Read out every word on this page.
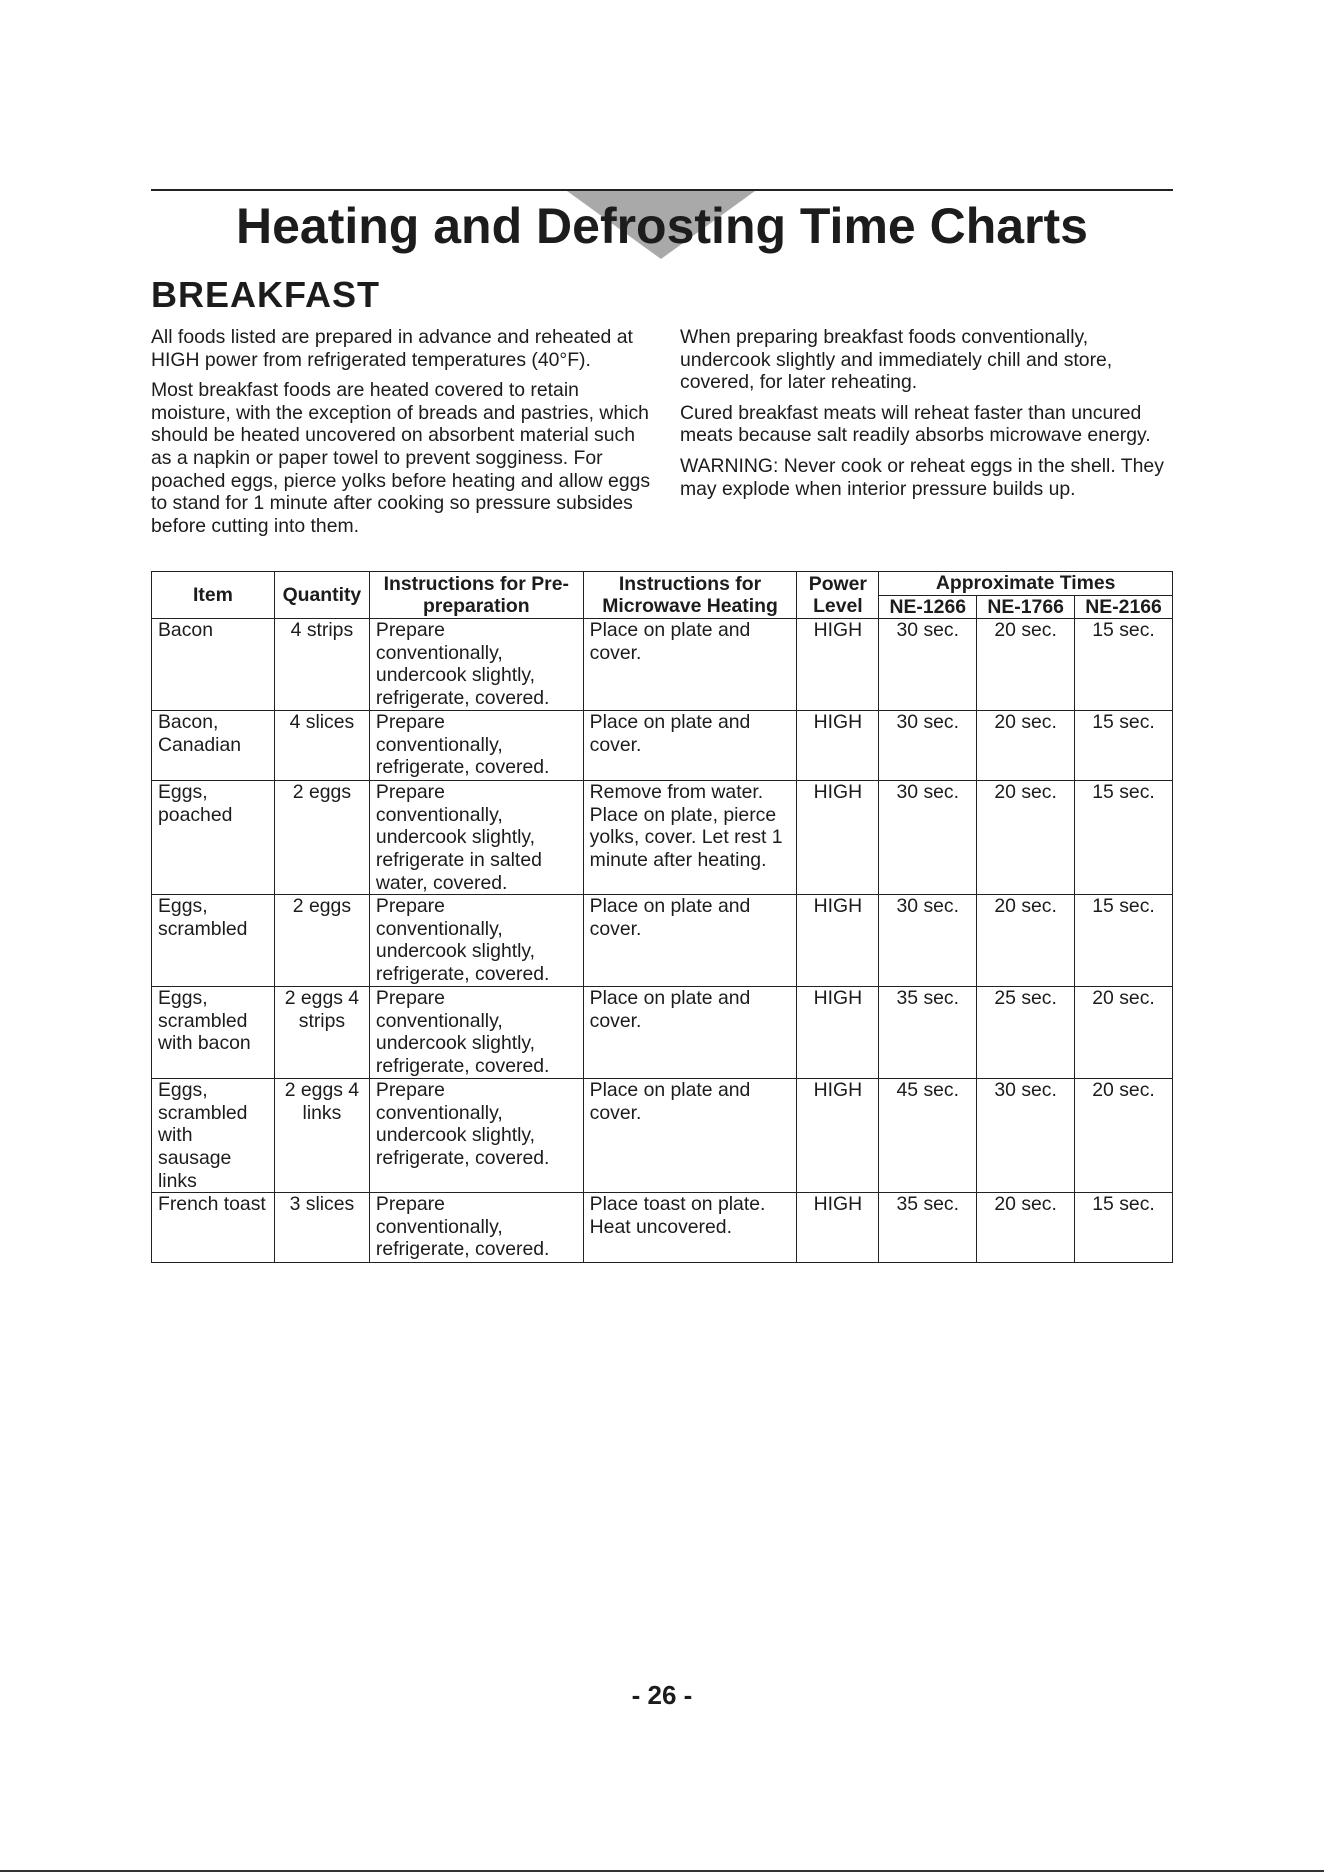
Heating and Defrosting Time Charts
BREAKFAST

All foods listed are prepared in advance and reheated at HIGH power from refrigerated temperatures (40°F).

Most breakfast foods are heated covered to retain moisture, with the exception of breads and pastries, which should be heated uncovered on absorbent material such as a napkin or paper towel to prevent sogginess. For poached eggs, pierce yolks before heating and allow eggs to stand for 1 minute after cooking so pressure subsides before cutting into them.

When preparing breakfast foods conventionally, undercook slightly and immediately chill and store, covered, for later reheating.

Cured breakfast meats will reheat faster than uncured meats because salt readily absorbs microwave energy.

WARNING: Never cook or reheat eggs in the shell. They may explode when interior pressure builds up.

Item	Quantity	Instructions for Pre-preparation	Instructions for Microwave Heating	Power Level	Approximate Times		
					NE-1266	NE-1766	NE-2166
Bacon	4 strips	Prepare conventionally, undercook slightly, refrigerate, covered.	Place on plate and cover.	HIGH	30 sec.	20 sec.	15 sec.
Bacon, Canadian	4 slices	Prepare conventionally, refrigerate, covered.	Place on plate and cover.	HIGH	30 sec.	20 sec.	15 sec.
Eggs, poached	2 eggs	Prepare conventionally, undercook slightly, refrigerate in salted water, covered.	Remove from water. Place on plate, pierce yolks, cover. Let rest 1 minute after heating.	HIGH	30 sec.	20 sec.	15 sec.
Eggs, scrambled	2 eggs	Prepare conventionally, undercook slightly, refrigerate, covered.	Place on plate and cover.	HIGH	30 sec.	20 sec.	15 sec.
Eggs, scrambled with bacon	2 eggs 4 strips	Prepare conventionally, undercook slightly, refrigerate, covered.	Place on plate and cover.	HIGH	35 sec.	25 sec.	20 sec.
Eggs, scrambled with sausage links	2 eggs 4 links	Prepare conventionally, undercook slightly, refrigerate, covered.	Place on plate and cover.	HIGH	45 sec.	30 sec.	20 sec.
French toast	3 slices	Prepare conventionally, refrigerate, covered.	Place toast on plate. Heat uncovered.	HIGH	35 sec.	20 sec.	15 sec.
- 26 -
